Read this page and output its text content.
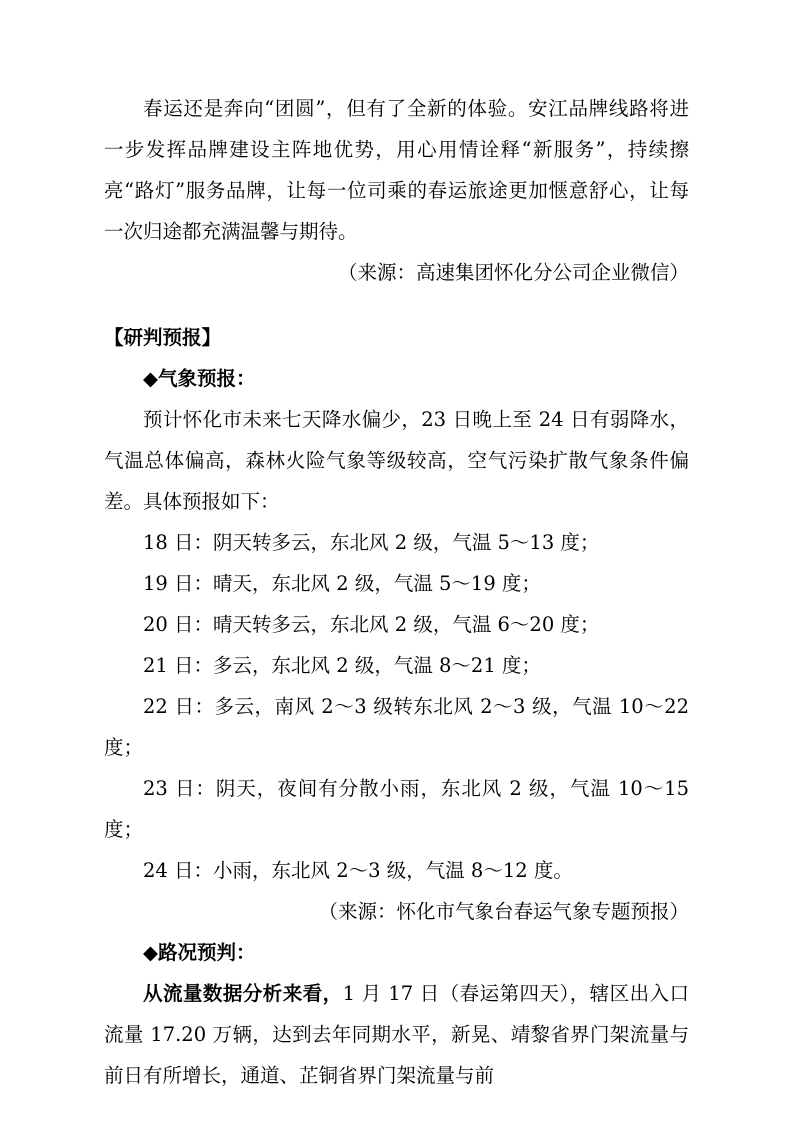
春运还是奔向“团圆”，但有了全新的体验。安江品牌线路将进一步发挥品牌建设主阵地优势，用心用情诠释“新服务”，持续擦亮“路灯”服务品牌，让每一位司乘的春运旅途更加惬意舒心，让每一次归途都充满温馨与期待。

（来源：高速集团怀化分公司企业微信）

【研判预报】

◆气象预报：

预计怀化市未来七天降水偏少，23 日晚上至 24 日有弱降水，气温总体偏高，森林火险气象等级较高，空气污染扩散气象条件偏差。具体预报如下：

18 日：阴天转多云，东北风 2 级，气温 5～13 度；

19 日：晴天，东北风 2 级，气温 5～19 度；

20 日：晴天转多云，东北风 2 级，气温 6～20 度；

21 日：多云，东北风 2 级，气温 8～21 度；

22 日：多云，南风 2～3 级转东北风 2～3 级，气温 10～22 度；

23 日：阴天，夜间有分散小雨，东北风 2 级，气温 10～15 度；

24 日：小雨，东北风 2～3 级，气温 8～12 度。

（来源：怀化市气象台春运气象专题预报）

◆路况预判：

从流量数据分析来看，1 月 17 日（春运第四天），辖区出入口流量 17.20 万辆，达到去年同期水平，新晃、靖黎省界门架流量与前日有所增长，通道、芷铜省界门架流量与前
